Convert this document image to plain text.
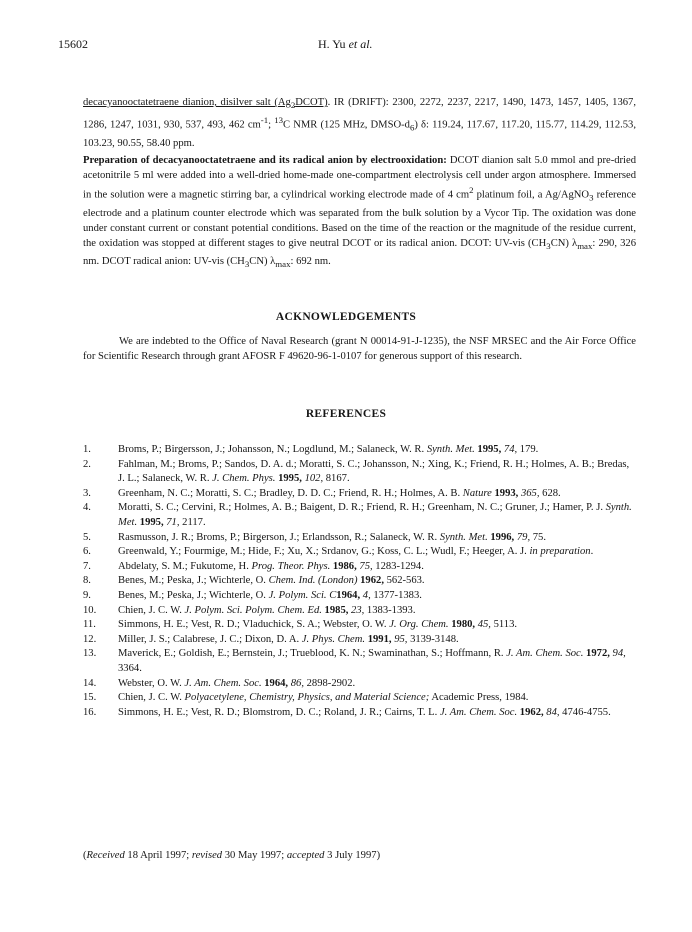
15602	H. Yu et al.
decacyanooctatetraene dianion, disilver salt $(Ag_2DCOT)$. IR (DRIFT): 2300, 2272, 2237, 2217, 1490, 1473, 1457, 1405, 1367, 1286, 1247, 1031, 930, 537, 493, 462 $cm^{-1}$; $^{13}$C NMR (125 MHz, DMSO-$d_6$) δ: 119.24, 117.67, 117.20, 115.77, 114.29, 112.53, 103.23, 90.55, 58.40 ppm.
Preparation of decacyanooctatetraene and its radical anion by electrooxidation: DCOT dianion salt 5.0 mmol and pre-dried acetonitrile 5 ml were added into a well-dried home-made one-compartment electrolysis cell under argon atmosphere. Immersed in the solution were a magnetic stirring bar, a cylindrical working electrode made of 4 $cm^2$ platinum foil, a Ag/AgNO$_3$ reference electrode and a platinum counter electrode which was separated from the bulk solution by a Vycor Tip. The oxidation was done under constant current or constant potential conditions. Based on the time of the reaction or the magnitude of the residue current, the oxidation was stopped at different stages to give neutral DCOT or its radical anion. DCOT: UV-vis $(CH_3CN)$ $\lambda_{max}$: 290, 326 nm. DCOT radical anion: UV-vis $(CH_3CN)$ $\lambda_{max}$: 692 nm.
ACKNOWLEDGEMENTS
We are indebted to the Office of Naval Research (grant N 00014-91-J-1235), the NSF MRSEC and the Air Force Office for Scientific Research through grant AFOSR F 49620-96-1-0107 for generous support of this research.
REFERENCES
1.	Broms, P.; Birgersson, J.; Johansson, N.; Logdlund, M.; Salaneck, W. R. Synth. Met. 1995, 74, 179.
2.	Fahlman, M.; Broms, P.; Sandos, D. A. d.; Moratti, S. C.; Johansson, N.; Xing, K.; Friend, R. H.; Holmes, A. B.; Bredas, J. L.; Salaneck, W. R. J. Chem. Phys. 1995, 102, 8167.
3.	Greenham, N. C.; Moratti, S. C.; Bradley, D. D. C.; Friend, R. H.; Holmes, A. B. Nature 1993, 365, 628.
4.	Moratti, S. C.; Cervini, R.; Holmes, A. B.; Baigent, D. R.; Friend, R. H.; Greenham, N. C.; Gruner, J.; Hamer, P. J. Synth. Met. 1995, 71, 2117.
5.	Rasmusson, J. R.; Broms, P.; Birgerson, J.; Erlandsson, R.; Salaneck, W. R. Synth. Met. 1996, 79, 75.
6.	Greenwald, Y.; Fourmige, M.; Hide, F.; Xu, X.; Srdanov, G.; Koss, C. L.; Wudl, F.; Heeger, A. J. in preparation.
7.	Abdelaty, S. M.; Fukutome, H. Prog. Theor. Phys. 1986, 75, 1283-1294.
8.	Benes, M.; Peska, J.; Wichterle, O. Chem. Ind. (London) 1962, 562-563.
9.	Benes, M.; Peska, J.; Wichterle, O. J. Polym. Sci. C1964, 4, 1377-1383.
10. Chien, J. C. W. J. Polym. Sci. Polym. Chem. Ed. 1985, 23, 1383-1393.
11. Simmons, H. E.; Vest, R. D.; Vladuchick, S. A.; Webster, O. W. J. Org. Chem. 1980, 45, 5113.
12. Miller, J. S.; Calabrese, J. C.; Dixon, D. A. J. Phys. Chem. 1991, 95, 3139-3148.
13. Maverick, E.; Goldish, E.; Bernstein, J.; Trueblood, K. N.; Swaminathan, S.; Hoffmann, R. J. Am. Chem. Soc. 1972, 94, 3364.
14. Webster, O. W. J. Am. Chem. Soc. 1964, 86, 2898-2902.
15. Chien, J. C. W. Polyacetylene, Chemistry, Physics, and Material Science; Academic Press, 1984.
16. Simmons, H. E.; Vest, R. D.; Blomstrom, D. C.; Roland, J. R.; Cairns, T. L. J. Am. Chem. Soc. 1962, 84, 4746-4755.
(Received 18 April 1997; revised 30 May 1997; accepted 3 July 1997)
